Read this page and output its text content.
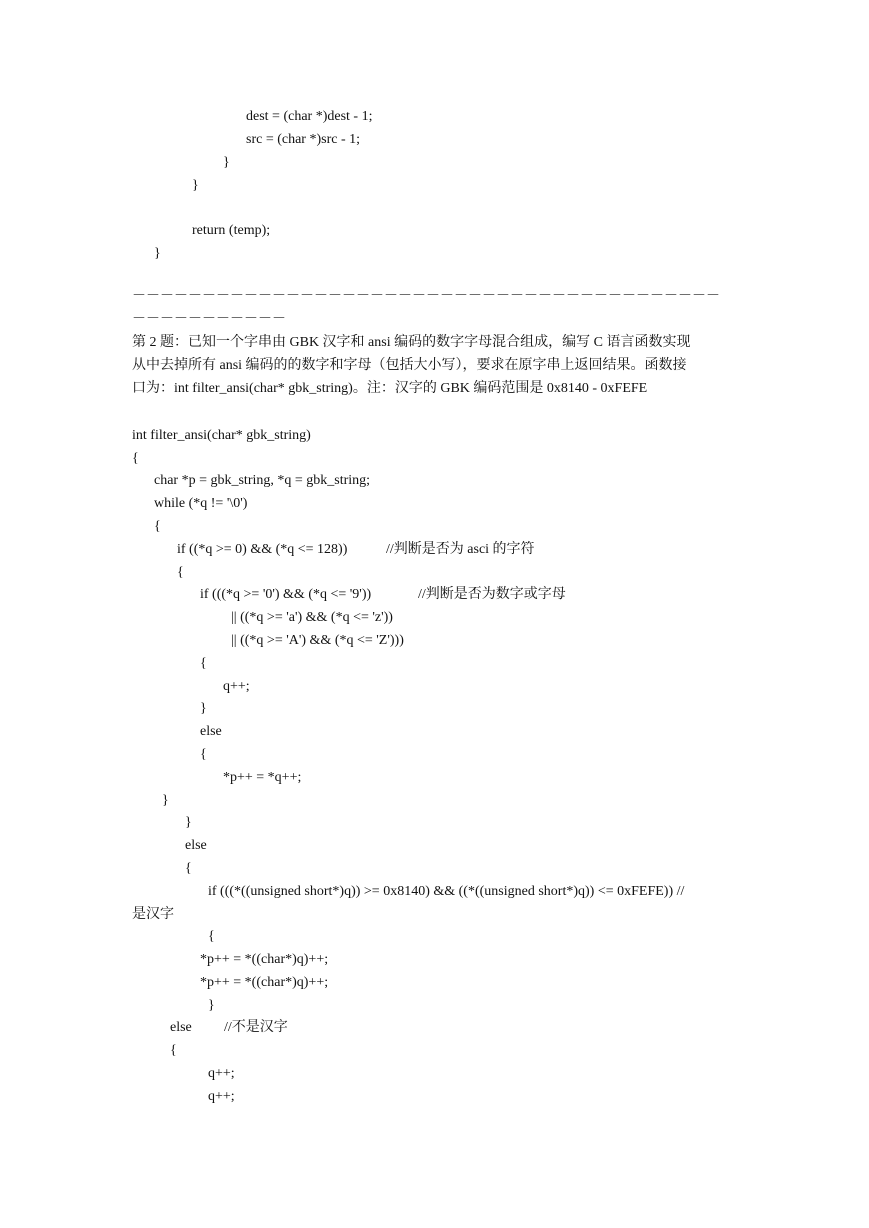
dest = (char *)dest - 1;
src = (char *)src - 1;
}
}
return (temp);
}
－－－－－－－－－－－－－－－－－－－－－－－－－－－－－－－－－－－－－－－－－－
－－－－－－－－－－－
第 2 题：已知一个字串由 GBK 汉字和 ansi 编码的数字字母混合组成，编写 C 语言函数实现
从中去掉所有 ansi 编码的的数字和字母（包括大小写），要求在原字串上返回结果。函数接
口为：int filter_ansi(char* gbk_string)。注：汉字的 GBK 编码范围是 0x8140 - 0xFEFE
int filter_ansi(char* gbk_string)
{
char *p = gbk_string, *q = gbk_string;
while (*q != '\0')
{
if ((*q >= 0) && (*q <= 128))	//判断是否为 asci 的字符
{
if (((*q >= '0') && (*q <= '9'))	//判断是否为数字或字母
|| ((*q >= 'a') && (*q <= 'z'))
|| ((*q >= 'A') && (*q <= 'Z')))
{
q++;
}
else
{
*p++ = *q++;
}
}
else
{
if (((*((unsigned short*)q)) >= 0x8140) && ((*((unsigned short*)q)) <= 0xFEFE)) //
是汉字
{
*p++ = *((char*)q)++;
*p++ = *((char*)q)++;
}
else //不是汉字
{
q++;
q++;
